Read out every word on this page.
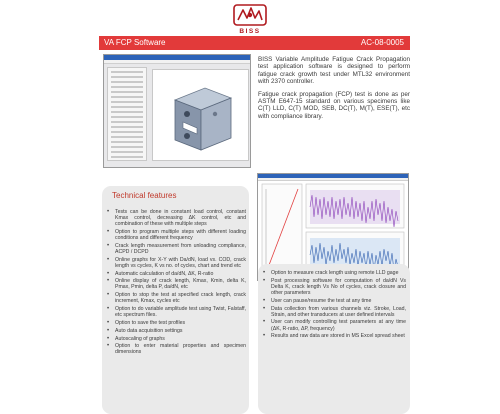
BISS
VA FCP Software	AC-08-0005

BISS Variable Amplitude Fatigue Crack Propagation test application software is designed to perform fatigue crack growth test under MTL32 environment with 2370 controller.

Fatigue crack propagation (FCP) test is done as per ASTM E647-15 standard on various specimens like C(T) LLD, C(T) MOD, SEB, DC(T), M(T), ESE(T), etc with compliance library.

Technical features
• Tests can be done in constant load control, constant Kmax control, decreasing ΔK control, etc and combination of these with multiple steps
• Option to program multiple steps with different loading conditions and different frequency
• Crack length measurement from unloading compliance, ACPD / DCPD
• Online graphs for X-Y with Da/dN, load vs. COD, crack length vs cycles, K vs no. of cycles, chart and trend etc
• Automatic calculation of da/dN, ΔK, R-ratio
• Online display of crack length, Kmax, Kmin, delta K, Pmax, Pmin, delta P, da/dN, etc
• Option to stop the test at specified crack length, crack increment, Kmax, cycles etc
• Option to do variable amplitude test using Twist, Falstaff, etc spectrum files.
• Option to save the test profiles
• Auto data acquisition settings
• Autoscaling of graphs
• Option to enter material properties and specimen dimensions
• Option to measure crack length using remote LLD gage
• Post processing software for computation of da/dN Vs Delta K, crack length Vs No of cycles, crack closure and other parameters
• User can pause/resume the test at any time
• Data collection from various channels viz. Stroke, Load, Strain, and other transducers at user defined intervals
• User can modify controlling test parameters at any time (ΔK, R-ratio, ΔP, frequency)
• Results and raw data are stored in MS Excel spread sheet
